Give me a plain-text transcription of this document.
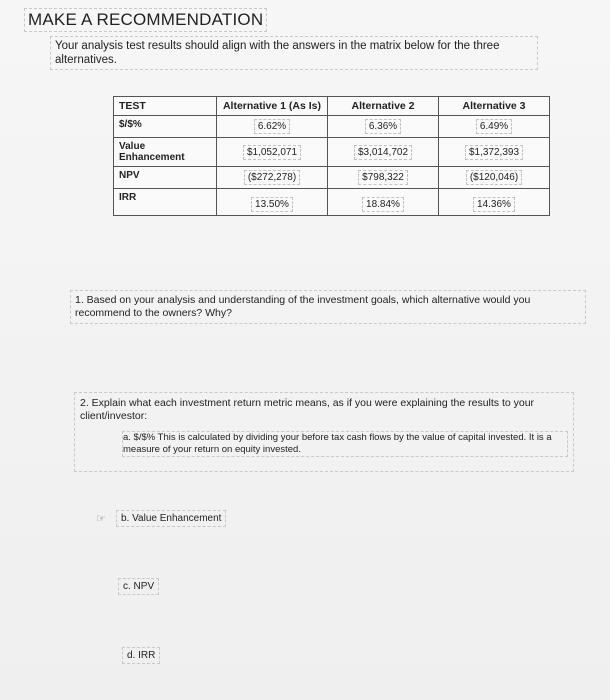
MAKE A RECOMMENDATION
Your analysis test results should align with the answers in the matrix below for the three alternatives.
TEST	Alternative 1 (As Is)	Alternative 2	Alternative 3
$/$%	6.62%	6.36%	6.49%
Value Enhancement	$1,052,071	$3,014,702	$1,372,393
NPV	($272,278)	$798,322	($120,046)
IRR	13.50%	18.84%	14.36%
1. Based on your analysis and understanding of the investment goals, which alternative would you recommend to the owners? Why?
2. Explain what each investment return metric means, as if you were explaining the results to your client/investor:
a. $/$% This is calculated by dividing your before tax cash flows by the value of capital invested. It is a measure of your return on equity invested.
☞	b. Value Enhancement
c. NPV
d. IRR
